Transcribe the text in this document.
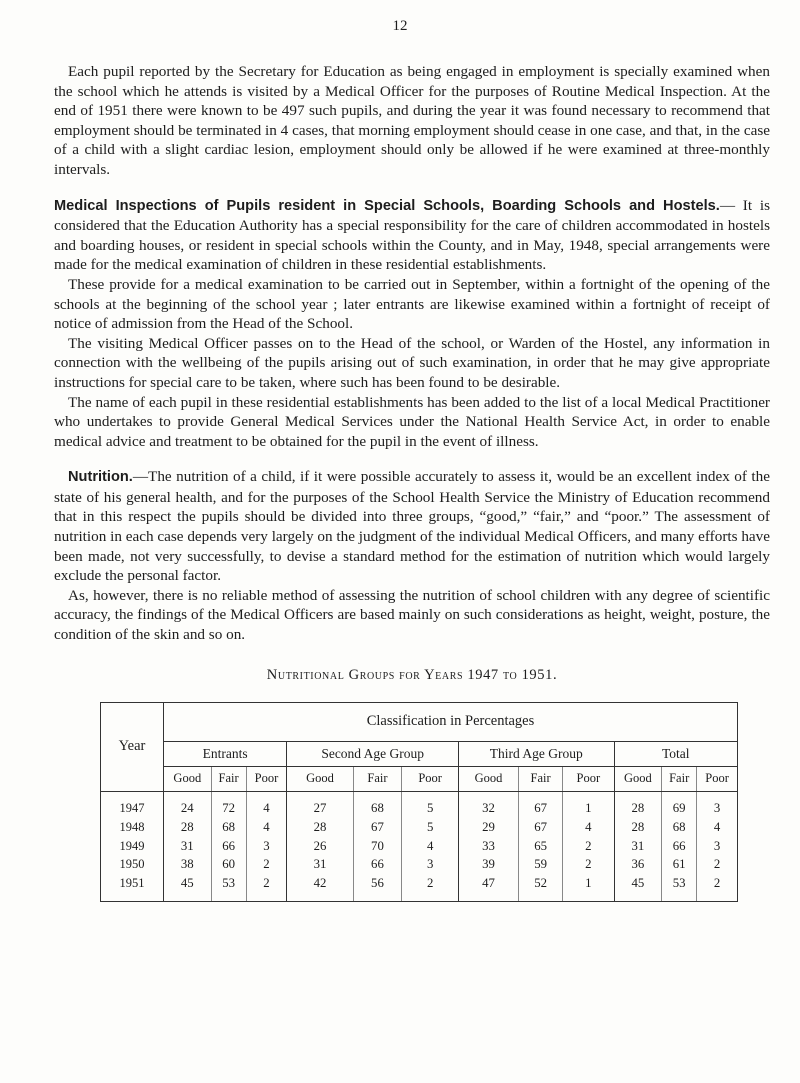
12

Each pupil reported by the Secretary for Education as being engaged in employment is specially examined when the school which he attends is visited by a Medical Officer for the purposes of Routine Medical Inspection. At the end of 1951 there were known to be 497 such pupils, and during the year it was found necessary to recommend that employment should be terminated in 4 cases, that morning employment should cease in one case, and that, in the case of a child with a slight cardiac lesion, employment should only be allowed if he were examined at three-monthly intervals.

Medical Inspections of Pupils resident in Special Schools, Boarding Schools and Hostels.— It is considered that the Education Authority has a special responsibility for the care of children accommodated in hostels and boarding houses, or resident in special schools within the County, and in May, 1948, special arrangements were made for the medical examination of children in these residential establishments.

These provide for a medical examination to be carried out in September, within a fortnight of the opening of the schools at the beginning of the school year ; later entrants are likewise examined within a fortnight of receipt of notice of admission from the Head of the School.

The visiting Medical Officer passes on to the Head of the school, or Warden of the Hostel, any information in connection with the wellbeing of the pupils arising out of such examination, in order that he may give appropriate instructions for special care to be taken, where such has been found to be desirable.

The name of each pupil in these residential establishments has been added to the list of a local Medical Practitioner who undertakes to provide General Medical Services under the National Health Service Act, in order to enable medical advice and treatment to be obtained for the pupil in the event of illness.

Nutrition.—The nutrition of a child, if it were possible accurately to assess it, would be an excellent index of the state of his general health, and for the purposes of the School Health Service the Ministry of Education recommend that in this respect the pupils should be divided into three groups, “good,” “fair,” and “poor.” The assessment of nutrition in each case depends very largely on the judgment of the individual Medical Officers, and many efforts have been made, not very successfully, to devise a standard method for the estimation of nutrition which would largely exclude the personal factor.

As, however, there is no reliable method of assessing the nutrition of school children with any degree of scientific accuracy, the findings of the Medical Officers are based mainly on such considerations as height, weight, posture, the condition of the skin and so on.

Nutritional Groups for Years 1947 to 1951.
Year	Classification in Percentages											
	Entrants			Second Age Group			Third Age Group			Total		
	Good	Fair	Poor	Good	Fair	Poor	Good	Fair	Poor	Good	Fair	Poor
1947	24	72	4	27	68	5	32	67	1	28	69	3
1948	28	68	4	28	67	5	29	67	4	28	68	4
1949	31	66	3	26	70	4	33	65	2	31	66	3
1950	38	60	2	31	66	3	39	59	2	36	61	2
1951	45	53	2	42	56	2	47	52	1	45	53	2
